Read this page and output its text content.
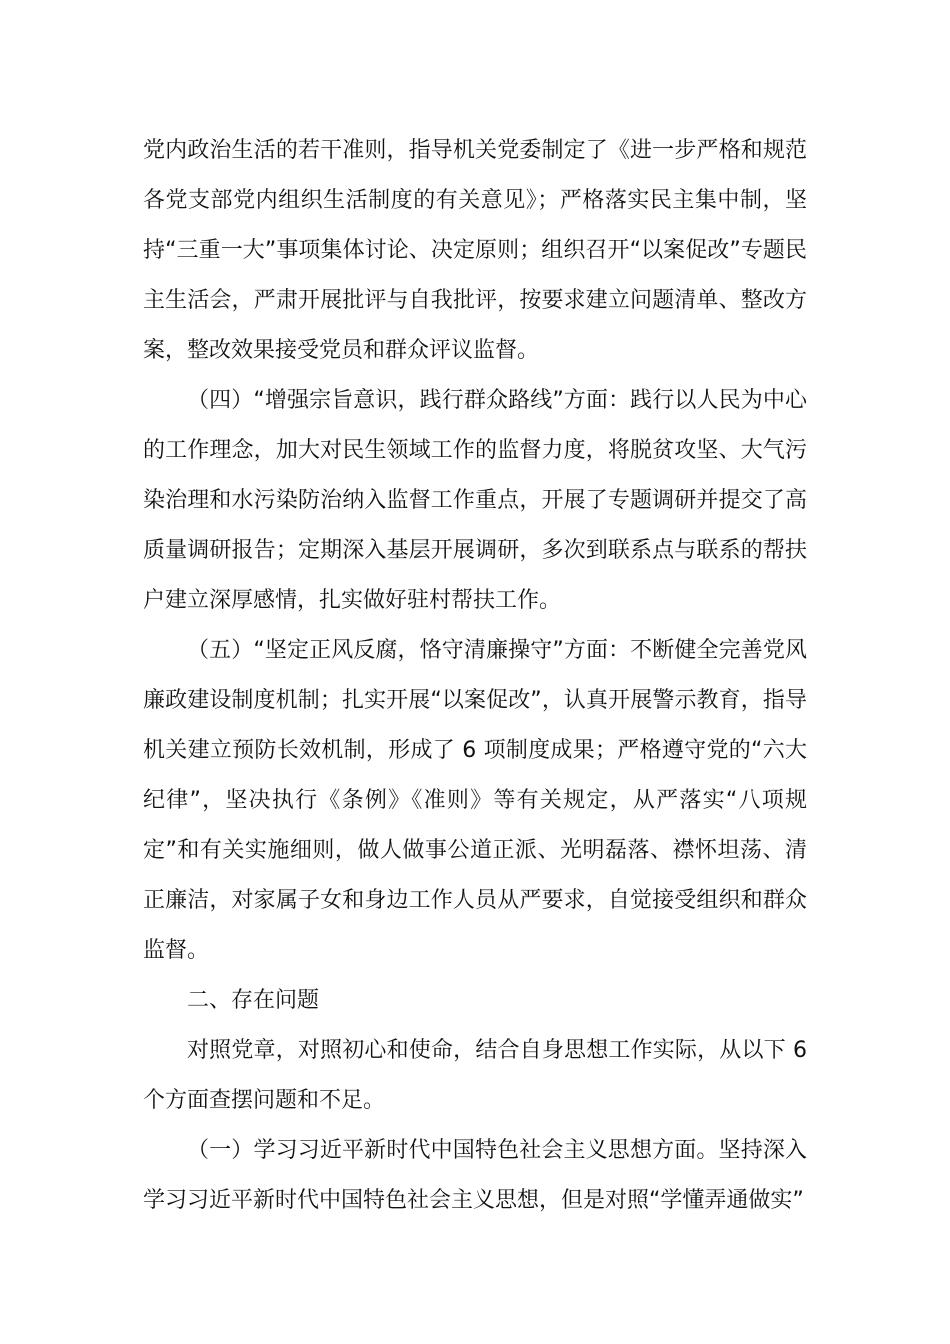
党内政治生活的若干准则，指导机关党委制定了《进一步严格和规范各党支部党内组织生活制度的有关意见》；严格落实民主集中制，坚持“三重一大”事项集体讨论、决定原则；组织召开“以案促改”专题民主生活会，严肃开展批评与自我批评，按要求建立问题清单、整改方案，整改效果接受党员和群众评议监督。

（四）“增强宗旨意识，践行群众路线”方面：践行以人民为中心的工作理念，加大对民生领域工作的监督力度，将脱贫攻坚、大气污染治理和水污染防治纳入监督工作重点，开展了专题调研并提交了高质量调研报告；定期深入基层开展调研，多次到联系点与联系的帮扶户建立深厚感情，扎实做好驻村帮扶工作。

（五）“坚定正风反腐，恪守清廉操守”方面：不断健全完善党风廉政建设制度机制；扎实开展“以案促改”，认真开展警示教育，指导机关建立预防长效机制，形成了 6 项制度成果；严格遵守党的“六大纪律”，坚决执行《条例》《准则》等有关规定，从严落实“八项规定”和有关实施细则，做人做事公道正派、光明磊落、襟怀坦荡、清正廉洁，对家属子女和身边工作人员从严要求，自觉接受组织和群众监督。

二、存在问题

对照党章，对照初心和使命，结合自身思想工作实际，从以下 6 个方面查摆问题和不足。

（一）学习习近平新时代中国特色社会主义思想方面。坚持深入学习习近平新时代中国特色社会主义思想，但是对照“学懂弄通做实”
